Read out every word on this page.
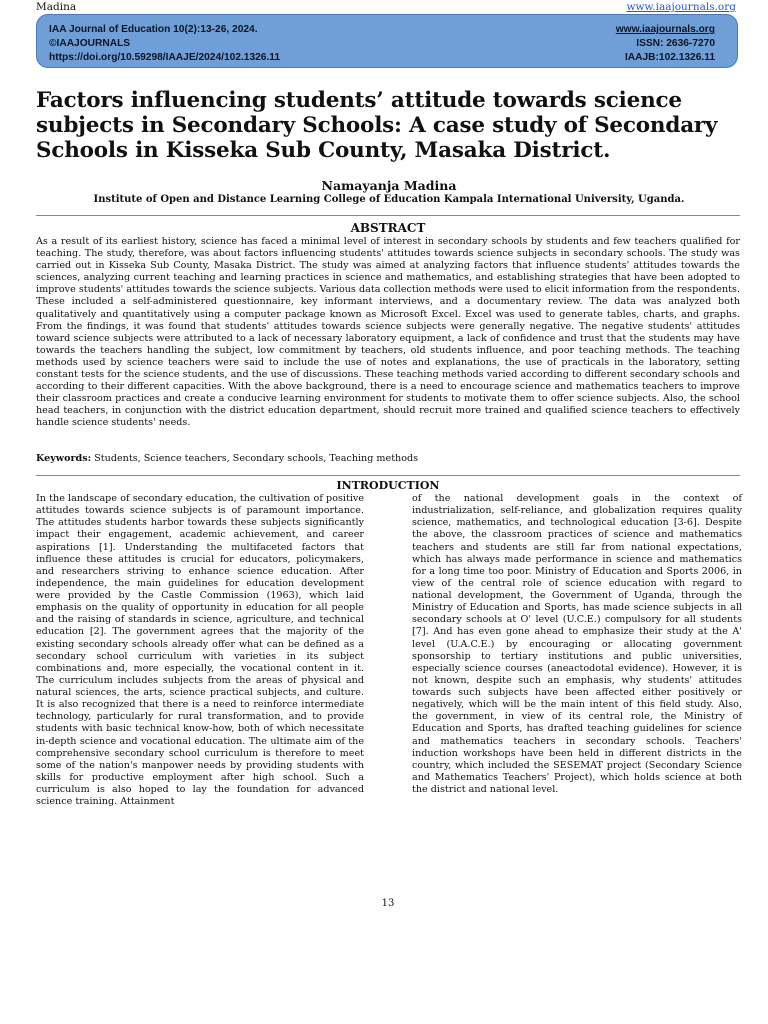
Madina	www.iaajournals.org
IAA Journal of Education 10(2):13-26, 2024.
©IAAJOURNALS
https://doi.org/10.59298/IAAJE/2024/102.1326.11
www.iaajournals.org
ISSN: 2636-7270
IAAJB:102.1326.11
Factors influencing students’ attitude towards science subjects in Secondary Schools: A case study of Secondary Schools in Kisseka Sub County, Masaka District.
Namayanja Madina
Institute of Open and Distance Learning College of Education Kampala International University, Uganda.
ABSTRACT

As a result of its earliest history, science has faced a minimal level of interest in secondary schools by students and few teachers qualified for teaching. The study, therefore, was about factors influencing students' attitudes towards science subjects in secondary schools. The study was carried out in Kisseka Sub County, Masaka District. The study was aimed at analyzing factors that influence students' attitudes towards the sciences, analyzing current teaching and learning practices in science and mathematics, and establishing strategies that have been adopted to improve students' attitudes towards the science subjects. Various data collection methods were used to elicit information from the respondents. These included a self-administered questionnaire, key informant interviews, and a documentary review. The data was analyzed both qualitatively and quantitatively using a computer package known as Microsoft Excel. Excel was used to generate tables, charts, and graphs. From the findings, it was found that students' attitudes towards science subjects were generally negative. The negative students' attitudes toward science subjects were attributed to a lack of necessary laboratory equipment, a lack of confidence and trust that the students may have towards the teachers handling the subject, low commitment by teachers, old students influence, and poor teaching methods. The teaching methods used by science teachers were said to include the use of notes and explanations, the use of practicals in the laboratory, setting constant tests for the science students, and the use of discussions. These teaching methods varied according to different secondary schools and according to their different capacities. With the above background, there is a need to encourage science and mathematics teachers to improve their classroom practices and create a conducive learning environment for students to motivate them to offer science subjects. Also, the school head teachers, in conjunction with the district education department, should recruit more trained and qualified science teachers to effectively handle science students' needs.

Keywords: Students, Science teachers, Secondary schools, Teaching methods
INTRODUCTION

In the landscape of secondary education, the cultivation of positive attitudes towards science subjects is of paramount importance. The attitudes students harbor towards these subjects significantly impact their engagement, academic achievement, and career aspirations [1]. Understanding the multifaceted factors that influence these attitudes is crucial for educators, policymakers, and researchers striving to enhance science education. After independence, the main guidelines for education development were provided by the Castle Commission (1963), which laid emphasis on the quality of opportunity in education for all people and the raising of standards in science, agriculture, and technical education [2]. The government agrees that the majority of the existing secondary schools already offer what can be defined as a secondary school curriculum with varieties in its subject combinations and, more especially, the vocational content in it. The curriculum includes subjects from the areas of physical and natural sciences, the arts, science practical subjects, and culture. It is also recognized that there is a need to reinforce intermediate technology, particularly for rural transformation, and to provide students with basic technical know-how, both of which necessitate in-depth science and vocational education. The ultimate aim of the comprehensive secondary school curriculum is therefore to meet some of the nation's manpower needs by providing students with skills for productive employment after high school. Such a curriculum is also hoped to lay the foundation for advanced science training. Attainment

of the national development goals in the context of industrialization, self-reliance, and globalization requires quality science, mathematics, and technological education [3-6]. Despite the above, the classroom practices of science and mathematics teachers and students are still far from national expectations, which has always made performance in science and mathematics for a long time too poor. Ministry of Education and Sports 2006, in view of the central role of science education with regard to national development, the Government of Uganda, through the Ministry of Education and Sports, has made science subjects in all secondary schools at O' level (U.C.E.) compulsory for all students [7]. And has even gone ahead to emphasize their study at the A' level (U.A.C.E.) by encouraging or allocating government sponsorship to tertiary institutions and public universities, especially science courses (aneactodotal evidence). However, it is not known, despite such an emphasis, why students' attitudes towards such subjects have been affected either positively or negatively, which will be the main intent of this field study. Also, the government, in view of its central role, the Ministry of Education and Sports, has drafted teaching guidelines for science and mathematics teachers in secondary schools. Teachers' induction workshops have been held in different districts in the country, which included the SESEMAT project (Secondary Science and Mathematics Teachers' Project), which holds science at both the district and national level.

13
